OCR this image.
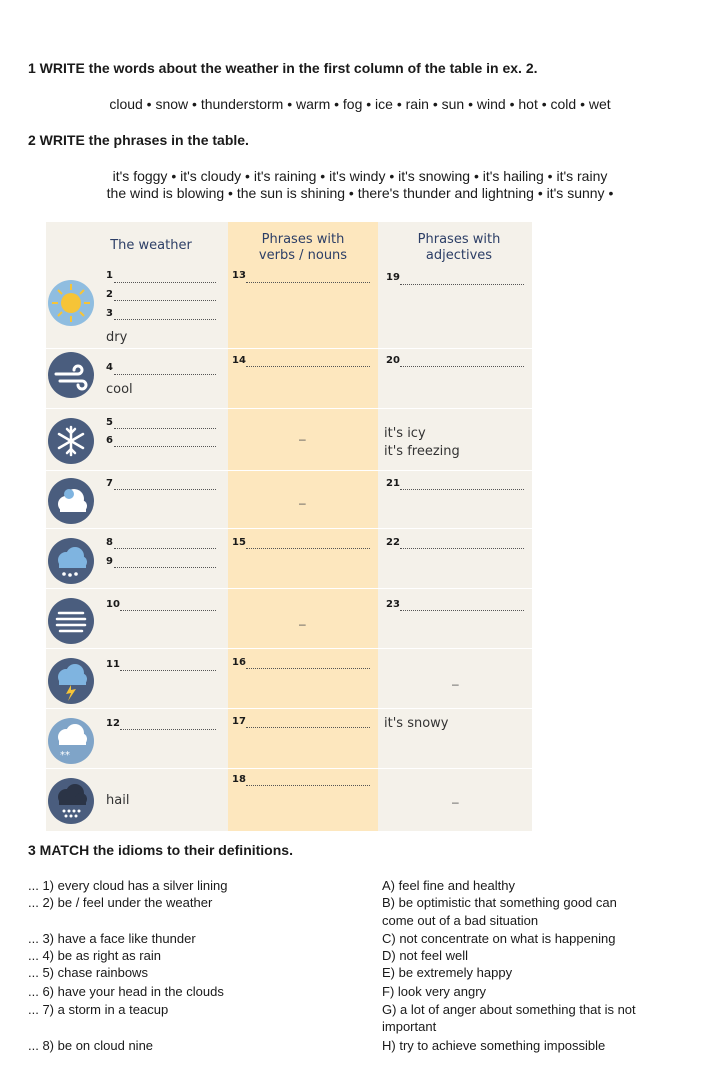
1 WRITE the words about the weather in the first column of the table in ex. 2.
cloud • snow • thunderstorm • warm • fog • ice • rain • sun • wind • hot • cold • wet
2 WRITE the phrases in the table.
it's foggy • it's cloudy • it's raining • it's windy • it's snowing • it's hailing • it's rainy
the wind is blowing • the sun is shining • there's thunder and lightning • it's sunny •
The weather	Phrases with
verbs / nouns
Phrases with
adjectives
**
1
2
3
dry
4
cool
5
6
7
8
9
10
11
12
hail
13
14
–
–
15
–
16
17
18
19
20
it's icy
it's freezing
21
22
23
–
it's snowy
–
3 MATCH the idioms to their definitions.
... 1) every cloud has a silver lining
... 2) be / feel under the weather
... 3) have a face like thunder
... 4) be as right as rain
... 5) chase rainbows
... 6) have your head in the clouds
... 7) a storm in a teacup
... 8) be on cloud nine
A) feel fine and healthy
B) be optimistic that something good can
come out of a bad situation
C) not concentrate on what is happening
D) not feel well
E) be extremely happy
F) look very angry
G) a lot of anger about something that is not
important
H) try to achieve something impossible
